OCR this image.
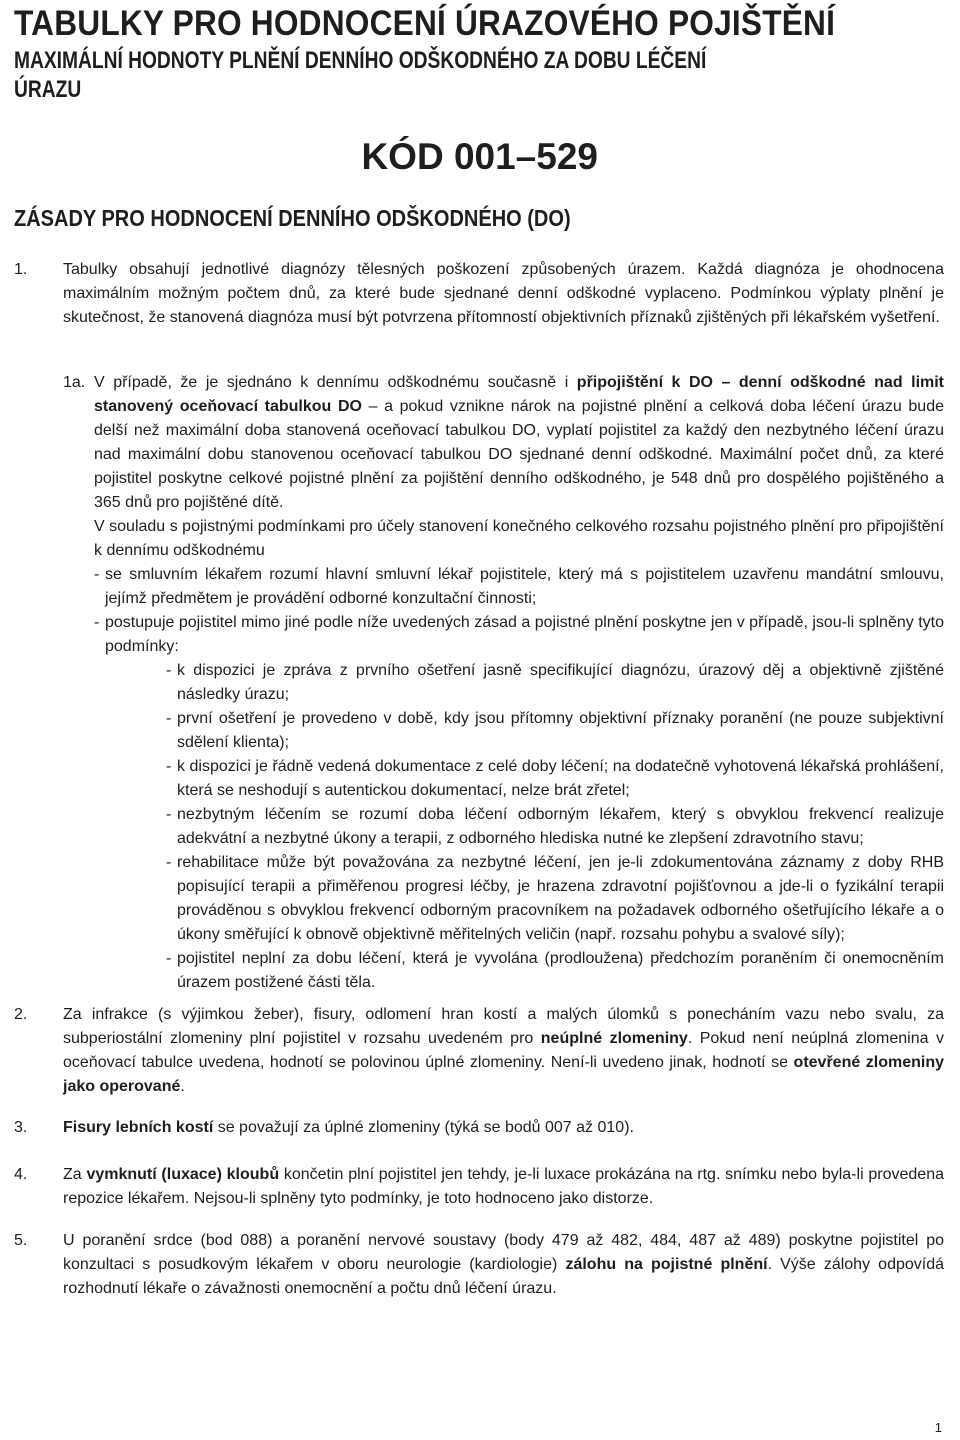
TABULKY PRO HODNOCENÍ ÚRAZOVÉHO POJIŠTĚNÍ
MAXIMÁLNÍ HODNOTY PLNĚNÍ DENNÍHO ODŠKODNÉHO ZA DOBU LÉČENÍ
ÚRAZU
KÓD 001–529
ZÁSADY PRO HODNOCENÍ DENNÍHO ODŠKODNÉHO (DO)
1. Tabulky obsahují jednotlivé diagnózy tělesných poškození způsobených úrazem. Každá diagnóza je ohodnocena maximálním možným počtem dnů, za které bude sjednané denní odškodné vyplaceno. Podmínkou výplaty plnění je skutečnost, že stanovená diagnóza musí být potvrzena přítomností objektivních příznaků zjištěných při lékařském vyšetření.
1a. V případě, že je sjednáno k dennímu odškodnému současně i připojištění k DO – denní odškodné nad limit stanovený oceňovací tabulkou DO – a pokud vznikne nárok na pojistné plnění a celková doba léčení úrazu bude delší než maximální doba stanovená oceňovací tabulkou DO, vyplatí pojistitel za každý den nezbytného léčení úrazu nad maximální dobu stanovenou oceňovací tabulkou DO sjednané denní odškodné. Maximální počet dnů, za které pojistitel poskytne celkové pojistné plnění za pojištění denního odškodného, je 548 dnů pro dospělého pojištěného a 365 dnů pro pojištěné dítě.

V souladu s pojistnými podmínkami pro účely stanovení konečného celkového rozsahu pojistného plnění pro připojištění k dennímu odškodnému

- se smluvním lékařem rozumí hlavní smluvní lékař pojistitele, který má s pojistitelem uzavřenu mandátní smlouvu, jejímž předmětem je provádění odborné konzultační činnosti;
- postupuje pojistitel mimo jiné podle níže uvedených zásad a pojistné plnění poskytne jen v případě, jsou-li splněny tyto podmínky:
- k dispozici je zpráva z prvního ošetření jasně specifikující diagnózu, úrazový děj a objektivně zjištěné následky úrazu;
- první ošetření je provedeno v době, kdy jsou přítomny objektivní příznaky poranění (ne pouze subjektivní sdělení klienta);
- k dispozici je řádně vedená dokumentace z celé doby léčení; na dodatečně vyhotovená lékařská prohlášení, která se neshodují s autentickou dokumentací, nelze brát zřetel;
- nezbytným léčením se rozumí doba léčení odborným lékařem, který s obvyklou frekvencí realizuje adekvátní a nezbytné úkony a terapii, z odborného hlediska nutné ke zlepšení zdravotního stavu;
- rehabilitace může být považována za nezbytné léčení, jen je-li zdokumentována záznamy z doby RHB popisující terapii a přiměřenou progresi léčby, je hrazena zdravotní pojišťovnou a jde-li o fyzikální terapii prováděnou s obvyklou frekvencí odborným pracovníkem na požadavek odborného ošetřujícího lékaře a o úkony směřující k obnově objektivně měřitelných veličin (např. rozsahu pohybu a svalové síly);
- pojistitel neplní za dobu léčení, která je vyvolána (prodloužena) předchozím poraněním či onemocněním úrazem postižené části těla.
2. Za infrakce (s výjimkou žeber), fisury, odlomení hran kostí a malých úlomků s ponecháním vazu nebo svalu, za subperiostální zlomeniny plní pojistitel v rozsahu uvedeném pro neúplné zlomeniny. Pokud není neúplná zlomenina v oceňovací tabulce uvedena, hodnotí se polovinou úplné zlomeniny. Není-li uvedeno jinak, hodnotí se otevřené zlomeniny jako operované.
3. Fisury lebních kostí se považují za úplné zlomeniny (týká se bodů 007 až 010).
4. Za vymknutí (luxace) kloubů končetin plní pojistitel jen tehdy, je-li luxace prokázána na rtg. snímku nebo byla-li provedena repozice lékařem. Nejsou-li splněny tyto podmínky, je toto hodnoceno jako distorze.
5. U poranění srdce (bod 088) a poranění nervové soustavy (body 479 až 482, 484, 487 až 489) poskytne pojistitel po konzultaci s posudkovým lékařem v oboru neurologie (kardiologie) zálohu na pojistné plnění. Výše zálohy odpovídá rozhodnutí lékaře o závažnosti onemocnění a počtu dnů léčení úrazu.
1
